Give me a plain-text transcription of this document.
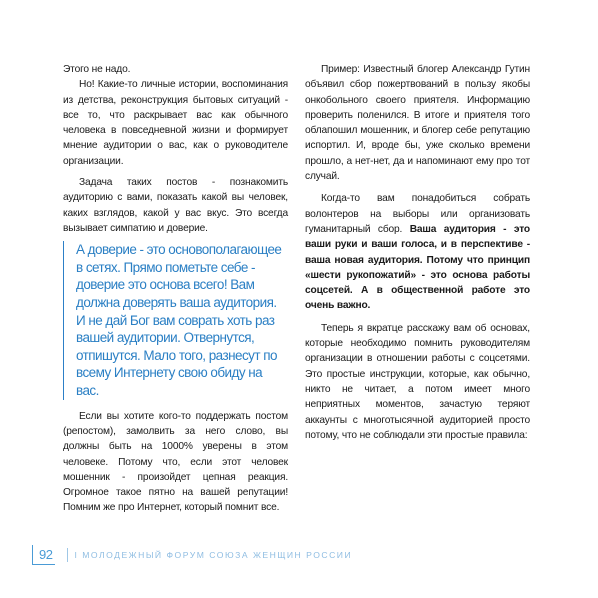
Этого не надо.

Но! Какие-то личные истории, воспоминания из детства, реконструкция бытовых ситуаций - все то, что раскрывает вас как обычного человека в повседневной жизни и формирует мнение аудитории о вас, как о руководителе организации.

Задача таких постов - познакомить аудиторию с вами, показать какой вы человек, каких взглядов, какой у вас вкус. Это всегда вызывает симпатию и доверие.

А доверие - это основополагающее в сетях. Прямо пометьте себе - доверие это основа всего! Вам должна доверять ваша аудитория. И не дай Бог вам соврать хоть раз вашей аудитории. Отвернутся, отпишутся. Мало того, разнесут по всему Интернету свою обиду на вас.

Если вы хотите кого-то поддержать постом (репостом), замолвить за него слово, вы должны быть на 1000% уверены в этом человеке. Потому что, если этот человек мошенник - произойдет цепная реакция. Огромное такое пятно на вашей репутации! Помним же про Интернет, который помнит все.

Пример: Известный блогер Александр Гутин объявил сбор пожертвований в пользу якобы онкобольного своего приятеля. Информацию проверить поленился. В итоге и приятеля того облапошил мошенник, и блогер себе репутацию испортил. И, вроде бы, уже сколько времени прошло, а нет-нет, да и напоминают ему про тот случай.

Когда-то вам понадобиться собрать волонтеров на выборы или организовать гуманитарный сбор. Ваша аудитория - это ваши руки и ваши голоса, и в перспективе - ваша новая аудитория. Потому что принцип «шести рукопожатий» - это основа работы соцсетей. А в общественной работе это очень важно.

Теперь я вкратце расскажу вам об основах, которые необходимо помнить руководителям организации в отношении работы с соцсетями. Это простые инструкции, которые, как обычно, никто не читает, а потом имеет много неприятных моментов, зачастую теряют аккаунты с многотысячной аудиторией просто потому, что не соблюдали эти простые правила:

92	I МОЛОДЕЖНЫЙ ФОРУМ СОЮЗА ЖЕНЩИН РОССИИ
